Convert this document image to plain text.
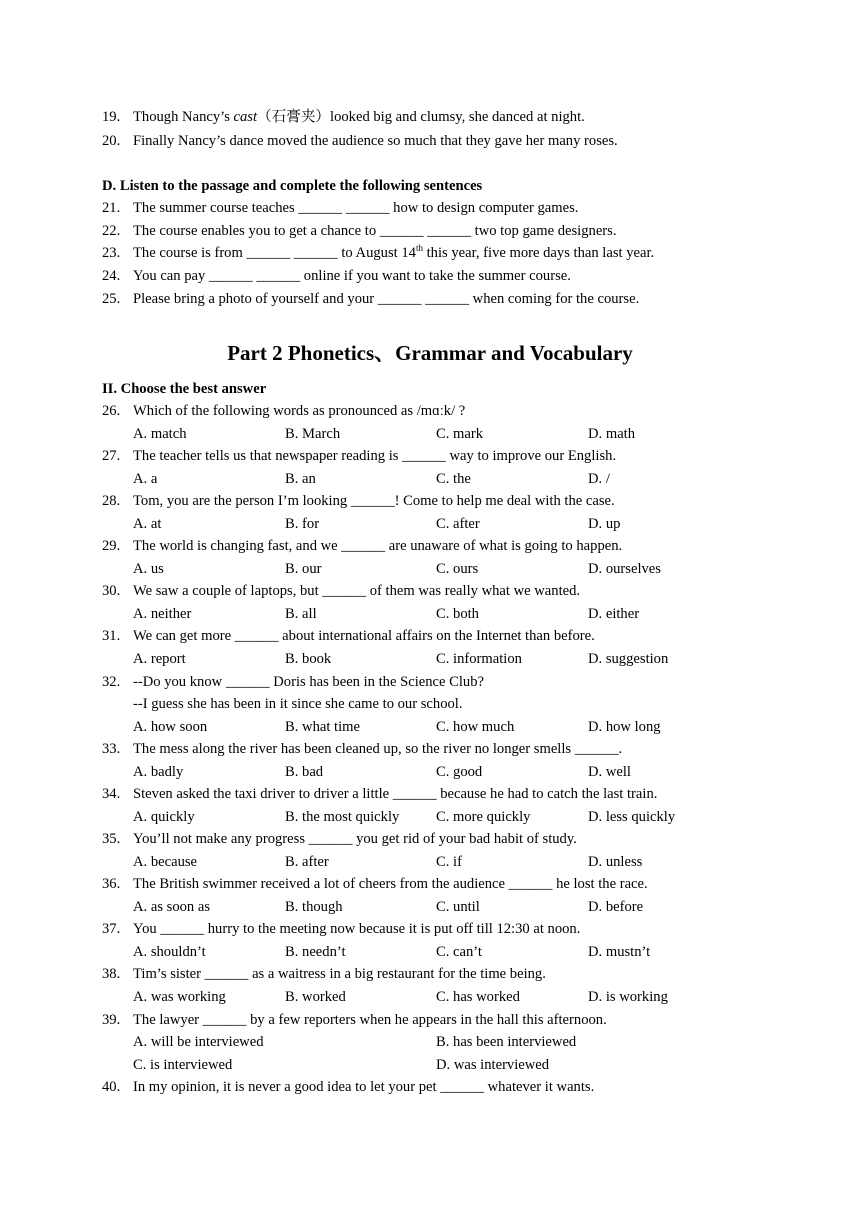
19. Though Nancy’s cast（石膏夹）looked big and clumsy, she danced at night.
20. Finally Nancy’s dance moved the audience so much that they gave her many roses.
D. Listen to the passage and complete the following sentences
21. The summer course teaches ______ ______ how to design computer games.
22. The course enables you to get a chance to ______ ______ two top game designers.
23. The course is from ______ ______ to August 14th this year, five more days than last year.
24. You can pay ______ ______ online if you want to take the summer course.
25. Please bring a photo of yourself and your ______ ______ when coming for the course.
Part 2 Phonetics、Grammar and Vocabulary
II. Choose the best answer
26. Which of the following words as pronounced as /mɑːk/ ?
A. match	B. March	C. mark	D. math
27. The teacher tells us that newspaper reading is ______ way to improve our English.
A. a	B. an	C. the	D. /
28. Tom, you are the person I’m looking ______! Come to help me deal with the case.
A. at	B. for	C. after	D. up
29. The world is changing fast, and we ______ are unaware of what is going to happen.
A. us	B. our	C. ours	D. ourselves
30. We saw a couple of laptops, but ______ of them was really what we wanted.
A. neither	B. all	C. both	D. either
31. We can get more ______ about international affairs on the Internet than before.
A. report	B. book	C. information	D. suggestion
32. --Do you know ______ Doris has been in the Science Club?
--I guess she has been in it since she came to our school.
A. how soon	B. what time	C. how much	D. how long
33. The mess along the river has been cleaned up, so the river no longer smells ______.
A. badly	B. bad	C. good	D. well
34. Steven asked the taxi driver to driver a little ______ because he had to catch the last train.
A. quickly	B. the most quickly	C. more quickly	D. less quickly
35. You’ll not make any progress ______ you get rid of your bad habit of study.
A. because	B. after	C. if	D. unless
36. The British swimmer received a lot of cheers from the audience ______ he lost the race.
A. as soon as	B. though	C. until	D. before
37. You ______ hurry to the meeting now because it is put off till 12:30 at noon.
A. shouldn’t	B. needn’t	C. can’t	D. mustn’t
38. Tim’s sister ______ as a waitress in a big restaurant for the time being.
A. was working	B. worked	C. has worked	D. is working
39. The lawyer ______ by a few reporters when he appears in the hall this afternoon.
A. will be interviewed	B. has been interviewed
C. is interviewed	D. was interviewed
40. In my opinion, it is never a good idea to let your pet ______ whatever it wants.
